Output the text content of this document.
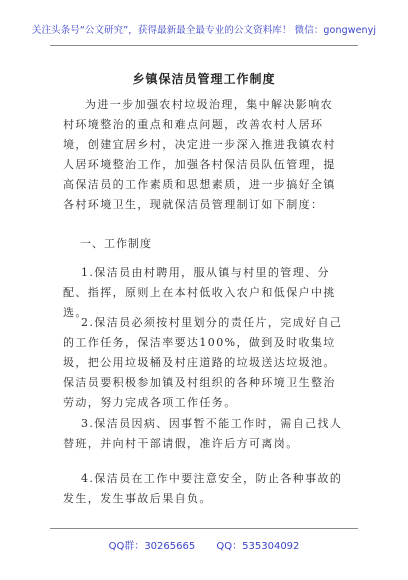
关注头条号“公文研究”，获得最新最全最专业的公文资料库！ 微信：gongwenyj
乡镇保洁员管理工作制度
为进一步加强农村垃圾治理，集中解决影响农村环境整治的重点和难点问题，改善农村人居环境，创建宜居乡村，决定进一步深入推进我镇农村人居环境整治工作，加强各村保洁员队伍管理，提高保洁员的工作素质和思想素质，进一步搞好全镇各村环境卫生，现就保洁员管理制订如下制度：
一、工作制度
1.保洁员由村聘用，服从镇与村里的管理、分配、指挥，原则上在本村低收入农户和低保户中挑选。
2.保洁员必须按村里划分的责任片，完成好自己的工作任务，保洁率要达100%，做到及时收集垃圾，把公用垃圾桶及村庄道路的垃圾送达垃圾池。保洁员要积极参加镇及村组织的各种环境卫生整治劳动，努力完成各项工作任务。
3.保洁员因病、因事暂不能工作时，需自己找人替班，并向村干部请假，准许后方可离岗。
4.保洁员在工作中要注意安全，防止各种事故的发生，发生事故后果自负。
QQ群：30265665 QQ：535304092
